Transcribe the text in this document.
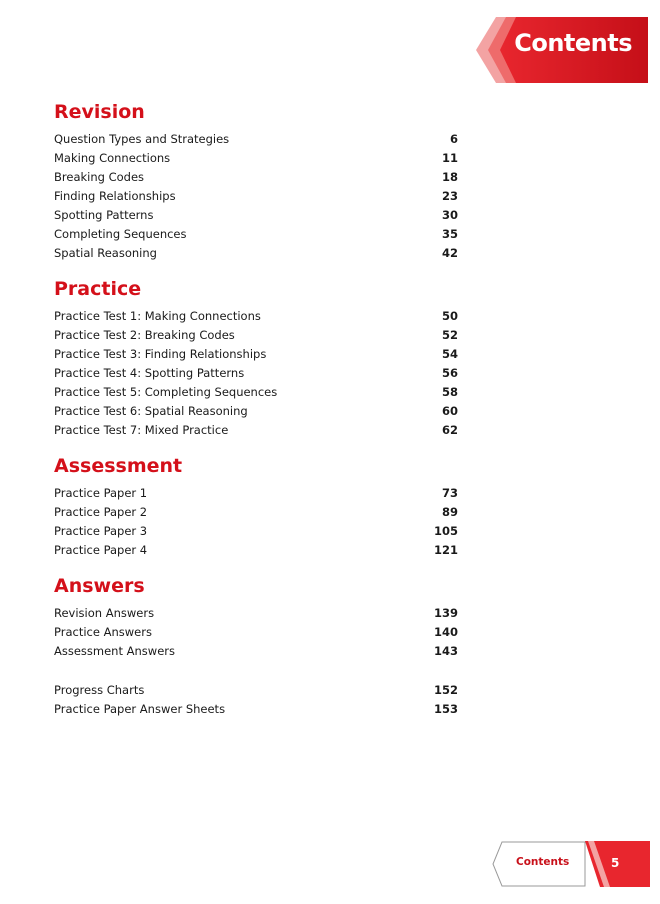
Contents
Revision
Question Types and Strategies	6
Making Connections	11
Breaking Codes	18
Finding Relationships	23
Spotting Patterns	30
Completing Sequences	35
Spatial Reasoning	42
Practice
Practice Test 1: Making Connections	50
Practice Test 2: Breaking Codes	52
Practice Test 3: Finding Relationships	54
Practice Test 4: Spotting Patterns	56
Practice Test 5: Completing Sequences	58
Practice Test 6: Spatial Reasoning	60
Practice Test 7: Mixed Practice	62
Assessment
Practice Paper 1	73
Practice Paper 2	89
Practice Paper 3	105
Practice Paper 4	121
Answers
Revision Answers	139
Practice Answers	140
Assessment Answers	143
Progress Charts	152
Practice Paper Answer Sheets	153
Contents	5
